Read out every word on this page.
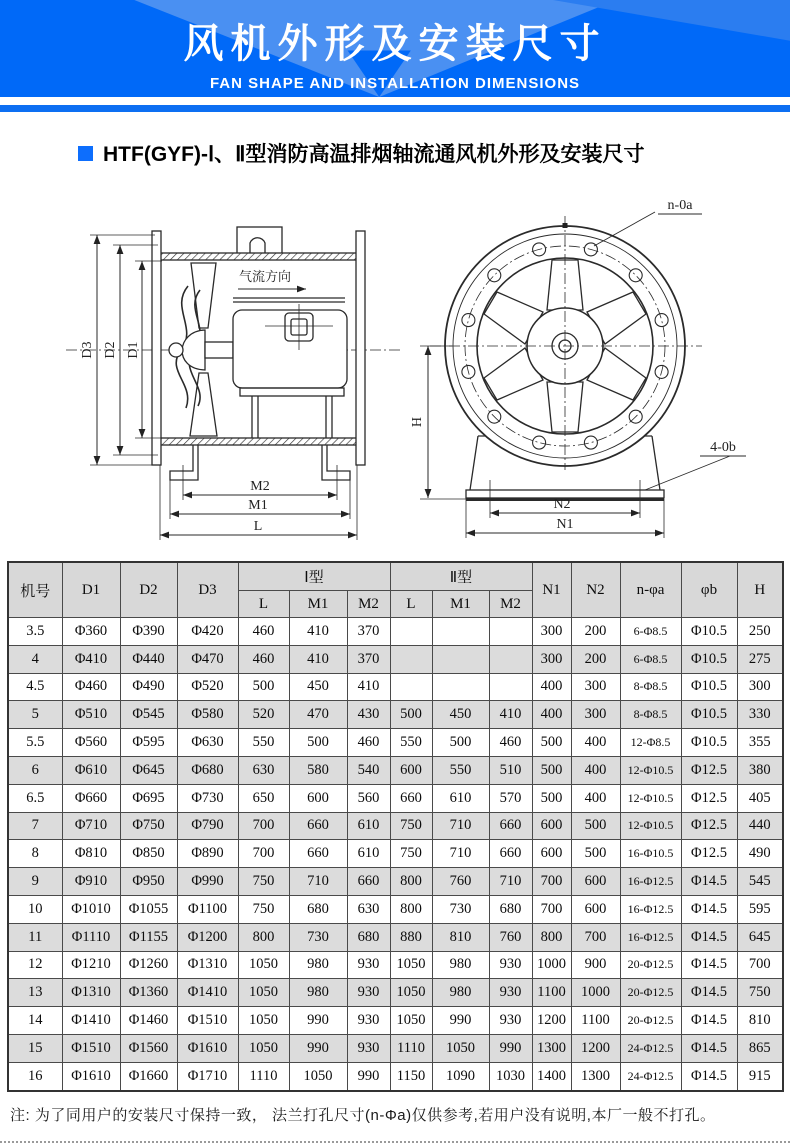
风机外形及安装尺寸
FAN SHAPE AND INSTALLATION DIMENSIONS
HTF(GYF)-Ⅰ、Ⅱ型消防高温排烟轴流通风机外形及安装尺寸
气流方向
D3 D2 D1
M2
M1
L
n-0a
4-0b
H
N2
N1
机号	D1	D2	D3	Ⅰ型			Ⅱ型			N1	N2	n-φa	φb	H
				L	M1	M2	L	M1	M2					
3.5	Φ360	Φ390	Φ420	460	410	370				300	200	6-Φ8.5	Φ10.5	250
4	Φ410	Φ440	Φ470	460	410	370				300	200	6-Φ8.5	Φ10.5	275
4.5	Φ460	Φ490	Φ520	500	450	410				400	300	8-Φ8.5	Φ10.5	300
5	Φ510	Φ545	Φ580	520	470	430	500	450	410	400	300	8-Φ8.5	Φ10.5	330
5.5	Φ560	Φ595	Φ630	550	500	460	550	500	460	500	400	12-Φ8.5	Φ10.5	355
6	Φ610	Φ645	Φ680	630	580	540	600	550	510	500	400	12-Φ10.5	Φ12.5	380
6.5	Φ660	Φ695	Φ730	650	600	560	660	610	570	500	400	12-Φ10.5	Φ12.5	405
7	Φ710	Φ750	Φ790	700	660	610	750	710	660	600	500	12-Φ10.5	Φ12.5	440
8	Φ810	Φ850	Φ890	700	660	610	750	710	660	600	500	16-Φ10.5	Φ12.5	490
9	Φ910	Φ950	Φ990	750	710	660	800	760	710	700	600	16-Φ12.5	Φ14.5	545
10	Φ1010	Φ1055	Φ1100	750	680	630	800	730	680	700	600	16-Φ12.5	Φ14.5	595
11	Φ1110	Φ1155	Φ1200	800	730	680	880	810	760	800	700	16-Φ12.5	Φ14.5	645
12	Φ1210	Φ1260	Φ1310	1050	980	930	1050	980	930	1000	900	20-Φ12.5	Φ14.5	700
13	Φ1310	Φ1360	Φ1410	1050	980	930	1050	980	930	1100	1000	20-Φ12.5	Φ14.5	750
14	Φ1410	Φ1460	Φ1510	1050	990	930	1050	990	930	1200	1100	20-Φ12.5	Φ14.5	810
15	Φ1510	Φ1560	Φ1610	1050	990	930	1110	1050	990	1300	1200	24-Φ12.5	Φ14.5	865
16	Φ1610	Φ1660	Φ1710	1110	1050	990	1150	1090	1030	1400	1300	24-Φ12.5	Φ14.5	915
注: 为了同用户的安装尺寸保持一致， 法兰打孔尺寸(n-Φa)仅供参考,若用户没有说明,本厂一般不打孔。
